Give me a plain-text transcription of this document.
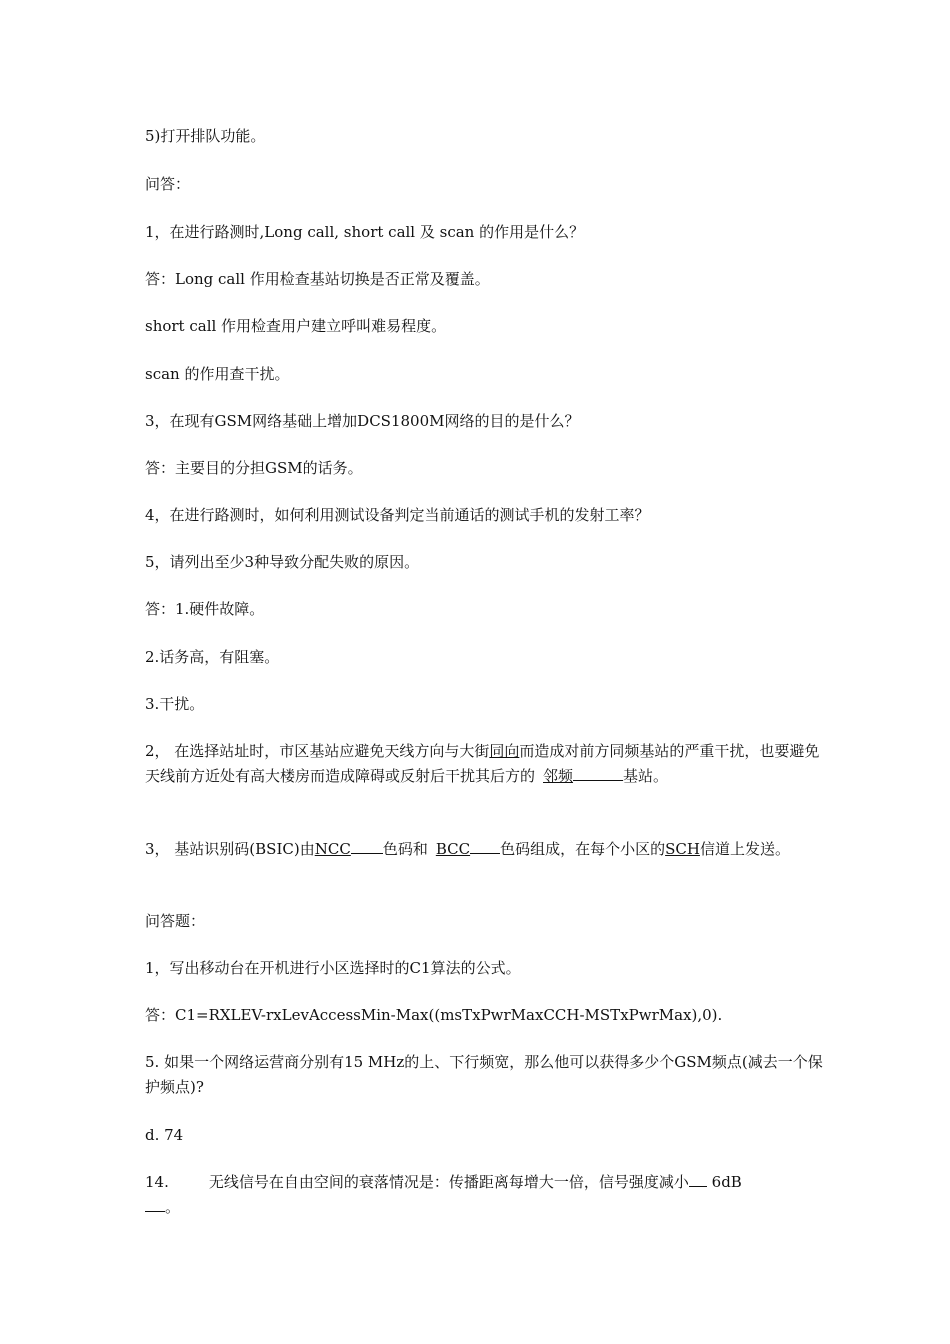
5)打开排队功能。

问答：

1，在进行路测时,Long call, short call 及 scan 的作用是什么？

答：Long call 作用检查基站切换是否正常及覆盖。

short call 作用检查用户建立呼叫难易程度。

scan 的作用查干扰。

3，在现有GSM网络基础上增加DCS1800M网络的目的是什么？

答：主要目的分担GSM的话务。

4，在进行路测时，如何利用测试设备判定当前通话的测试手机的发射工率？

5，请列出至少3种导致分配失败的原因。

答：1.硬件故障。

2.话务高，有阻塞。

3.干扰。

2， 在选择站址时，市区基站应避免天线方向与大街同向而造成对前方同频基站的严重干扰，也要避免天线前方近处有高大楼房而造成障碍或反射后干扰其后方的 邻频	基站。

3， 基站识别码(BSIC)由NCC 色码和 BCC 色码组成，在每个小区的SCH信道上发送。

问答题：

1，写出移动台在开机进行小区选择时的C1算法的公式。

答：C1=RXLEV-rxLevAccessMin-Max((msTxPwrMaxCCH-MSTxPwrMax),0).

5. 如果一个网络运营商分别有15 MHz的上、下行频宽，那么他可以获得多少个GSM频点(减去一个保护频点)?

d. 74

14.	无线信号在自由空间的衰落情况是：传播距离每增大一倍，信号强度减小 6dB
。
